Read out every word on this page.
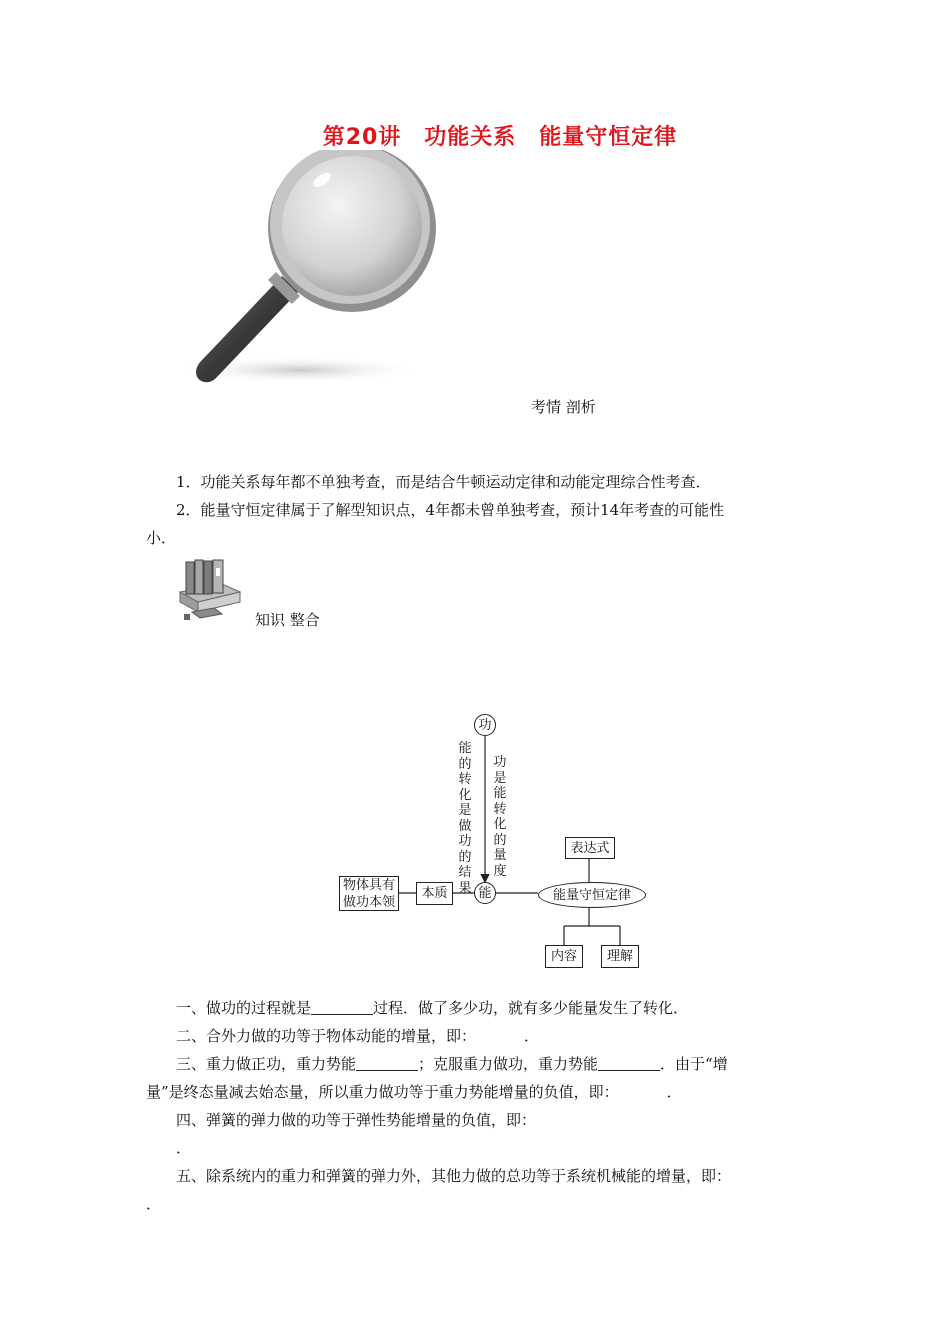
第20讲　功能关系　能量守恒定律
考情 剖析
1．功能关系每年都不单独考查，而是结合牛顿运动定律和动能定理综合性考查．
2．能量守恒定律属于了解型知识点，4年都未曾单独考查，预计14年考查的可能性
小．
知识 整合
功
能
能的转化是做功的结果
功是能转化的量度
物体具有做功本领
本质	能量守恒定律
表达式
内容	理解
一、做功的过程就是	过程．做了多少功，就有多少能量发生了转化．
二、合外力做的功等于物体动能的增量，即：	．
三、重力做正功，重力势能	；克服重力做功，重力势能	．由于“增
量”是终态量减去始态量，所以重力做功等于重力势能增量的负值，即：	．
四、弹簧的弹力做的功等于弹性势能增量的负值，即：
．
五、除系统内的重力和弹簧的弹力外，其他力做的总功等于系统机械能的增量，即：
．
